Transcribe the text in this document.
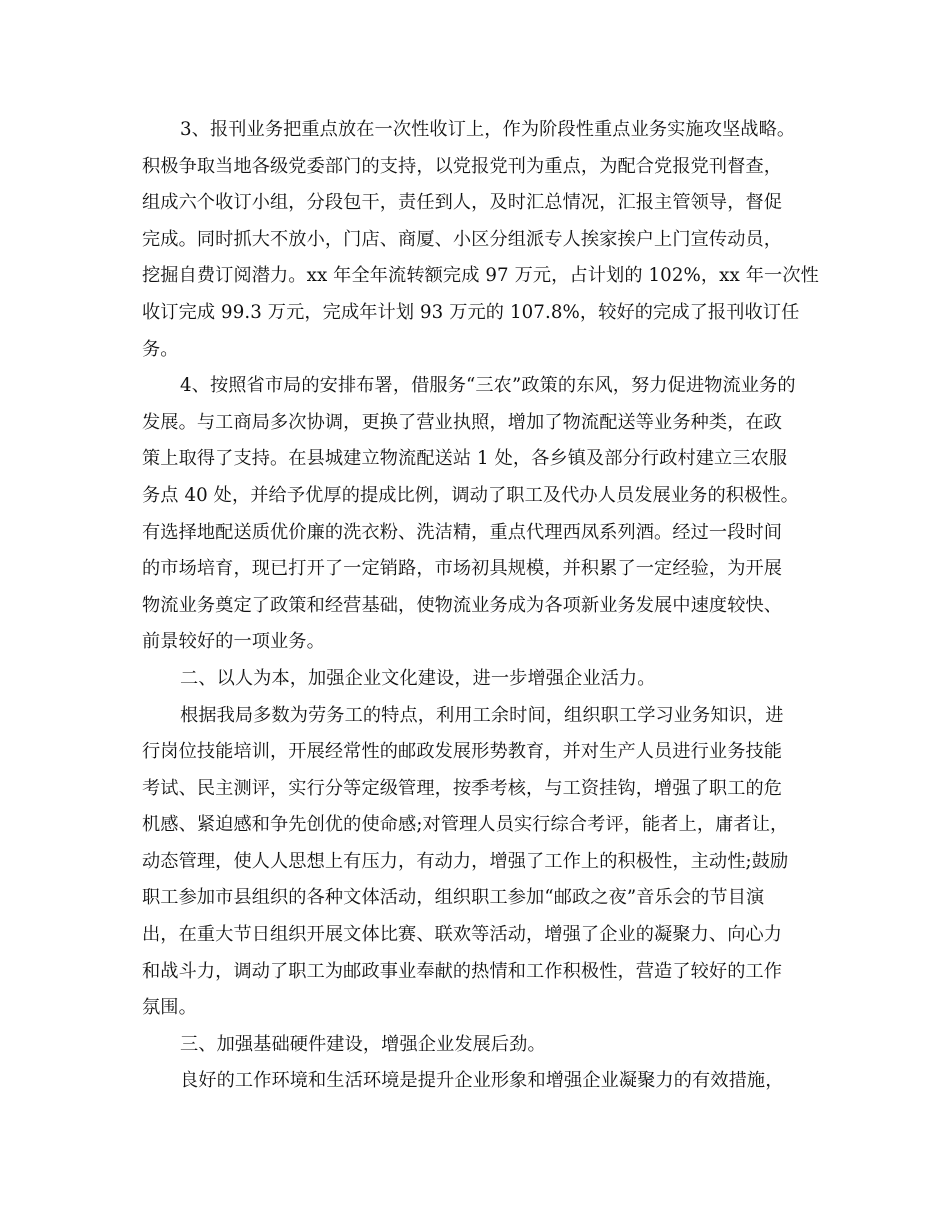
3、报刊业务把重点放在一次性收订上，作为阶段性重点业务实施攻坚战略。
积极争取当地各级党委部门的支持，以党报党刊为重点，为配合党报党刊督查，
组成六个收订小组，分段包干，责任到人，及时汇总情况，汇报主管领导，督促
完成。同时抓大不放小，门店、商厦、小区分组派专人挨家挨户上门宣传动员，
挖掘自费订阅潜力。xx 年全年流转额完成 97 万元，占计划的 102%，xx 年一次性
收订完成 99.3 万元，完成年计划 93 万元的 107.8%，较好的完成了报刊收订任
务。

4、按照省市局的安排布署，借服务“三农”政策的东风，努力促进物流业务的
发展。与工商局多次协调，更换了营业执照，增加了物流配送等业务种类，在政
策上取得了支持。在县城建立物流配送站 1 处，各乡镇及部分行政村建立三农服
务点 40 处，并给予优厚的提成比例，调动了职工及代办人员发展业务的积极性。
有选择地配送质优价廉的洗衣粉、洗洁精，重点代理西凤系列酒。经过一段时间
的市场培育，现已打开了一定销路，市场初具规模，并积累了一定经验，为开展
物流业务奠定了政策和经营基础，使物流业务成为各项新业务发展中速度较快、
前景较好的一项业务。

二、以人为本，加强企业文化建设，进一步增强企业活力。

根据我局多数为劳务工的特点，利用工余时间，组织职工学习业务知识，进
行岗位技能培训，开展经常性的邮政发展形势教育，并对生产人员进行业务技能
考试、民主测评，实行分等定级管理，按季考核，与工资挂钩，增强了职工的危
机感、紧迫感和争先创优的使命感;对管理人员实行综合考评，能者上，庸者让，
动态管理，使人人思想上有压力，有动力，增强了工作上的积极性，主动性;鼓励
职工参加市县组织的各种文体活动，组织职工参加“邮政之夜”音乐会的节目演
出，在重大节日组织开展文体比赛、联欢等活动，增强了企业的凝聚力、向心力
和战斗力，调动了职工为邮政事业奉献的热情和工作积极性，营造了较好的工作
氛围。

三、加强基础硬件建设，增强企业发展后劲。

良好的工作环境和生活环境是提升企业形象和增强企业凝聚力的有效措施，
